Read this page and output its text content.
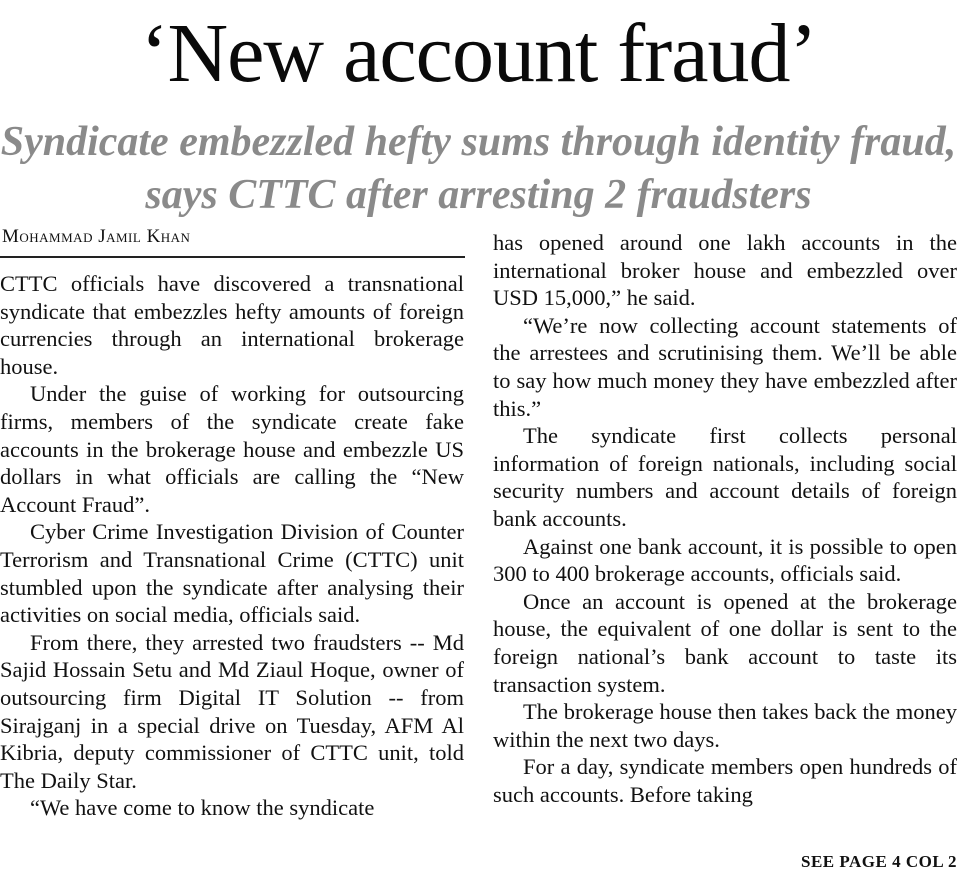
‘New account fraud’
Syndicate embezzled hefty sums through identity fraud, says CTTC after arresting 2 fraudsters
Mohammad Jamil Khan

CTTC officials have discovered a transnational syndicate that embezzles hefty amounts of foreign currencies through an international brokerage house.

Under the guise of working for outsourcing firms, members of the syndicate create fake accounts in the brokerage house and embezzle US dollars in what officials are calling the “New Account Fraud”.

Cyber Crime Investigation Division of Counter Terrorism and Transnational Crime (CTTC) unit stumbled upon the syndicate after analysing their activities on social media, officials said.

From there, they arrested two fraudsters -- Md Sajid Hossain Setu and Md Ziaul Hoque, owner of outsourcing firm Digital IT Solution -- from Sirajganj in a special drive on Tuesday, AFM Al Kibria, deputy commissioner of CTTC unit, told The Daily Star.

“We have come to know the syndicate

has opened around one lakh accounts in the international broker house and embezzled over USD 15,000,” he said.

“We’re now collecting account statements of the arrestees and scrutinising them. We’ll be able to say how much money they have embezzled after this.”

The syndicate first collects personal information of foreign nationals, including social security numbers and account details of foreign bank accounts.

Against one bank account, it is possible to open 300 to 400 brokerage accounts, officials said.

Once an account is opened at the brokerage house, the equivalent of one dollar is sent to the foreign national’s bank account to taste its transaction system.

The brokerage house then takes back the money within the next two days.

For a day, syndicate members open hundreds of such accounts. Before taking

SEE PAGE 4 COL 2
